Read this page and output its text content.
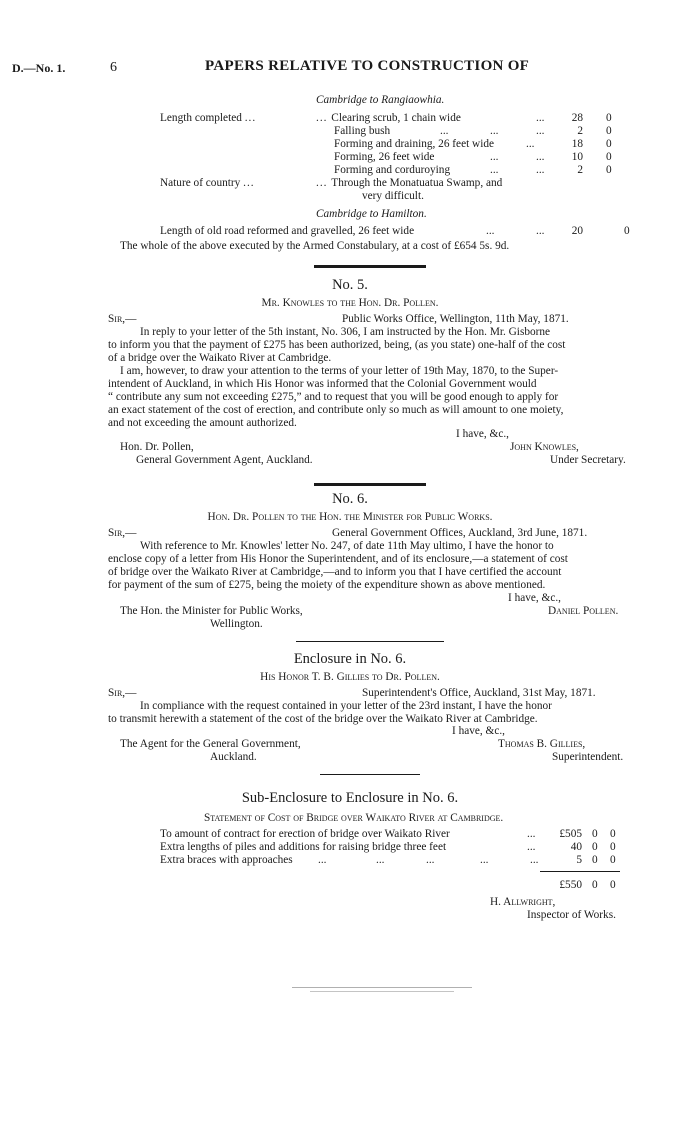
D.—No. 1.	6	PAPERS RELATIVE TO CONSTRUCTION OF
Cambridge to Rangiaowhia.
Length completed ...	... Clearing scrub, 1 chain wide	...	28 0
Falling bush	...	...	...	2 0
Forming and draining, 26 feet wide	...	18 0
Forming, 26 feet wide	...	...	10 0
Forming and corduroying	...	...	2 0
Nature of country ...	... Through the Monatuatua Swamp, and
very difficult.
Cambridge to Hamilton.
Length of old road reformed and gravelled, 26 feet wide	...	...	20	0
The whole of the above executed by the Armed Constabulary, at a cost of £654 5s. 9d.
No. 5.
Mr. Knowles to the Hon. Dr. Pollen.
Sir,—	Public Works Office, Wellington, 11th May, 1871.
In reply to your letter of the 5th instant, No. 306, I am instructed by the Hon. Mr. Gisborne
to inform you that the payment of £275 has been authorized, being, (as you state) one-half of the cost
of a bridge over the Waikato River at Cambridge.
I am, however, to draw your attention to the terms of your letter of 19th May, 1870, to the Super-
intendent of Auckland, in which His Honor was informed that the Colonial Government would
“ contribute any sum not exceeding £275,” and to request that you will be good enough to apply for
an exact statement of the cost of erection, and contribute only so much as will amount to one moiety,
and not exceeding the amount authorized.
I have, &c.,
Hon. Dr. Pollen,	John Knowles,
General Government Agent, Auckland.	Under Secretary.
No. 6.
Hon. Dr. Pollen to the Hon. the Minister for Public Works.
Sir,—	General Government Offices, Auckland, 3rd June, 1871.
With reference to Mr. Knowles' letter No. 247, of date 11th May ultimo, I have the honor to
enclose copy of a letter from His Honor the Superintendent, and of its enclosure,—a statement of cost
of bridge over the Waikato River at Cambridge,—and to inform you that I have certified the account
for payment of the sum of £275, being the moiety of the expenditure shown as above mentioned.
I have, &c.,
The Hon. the Minister for Public Works,	Daniel Pollen.
Wellington.
Enclosure in No. 6.
His Honor T. B. Gillies to Dr. Pollen.
Sir,—	Superintendent's Office, Auckland, 31st May, 1871.
In compliance with the request contained in your letter of the 23rd instant, I have the honor
to transmit herewith a statement of the cost of the bridge over the Waikato River at Cambridge.
I have, &c.,
The Agent for the General Government,	Thomas B. Gillies,
Auckland.	Superintendent.
Sub-Enclosure to Enclosure in No. 6.
Statement of Cost of Bridge over Waikato River at Cambridge.
To amount of contract for erection of bridge over Waikato River	...	£505 0 0
Extra lengths of piles and additions for raising bridge three feet	...	40 0 0
Extra braces with approaches ...	...	...	...	...	5 0 0
£550 0 0
H. Allwright,
Inspector of Works.
